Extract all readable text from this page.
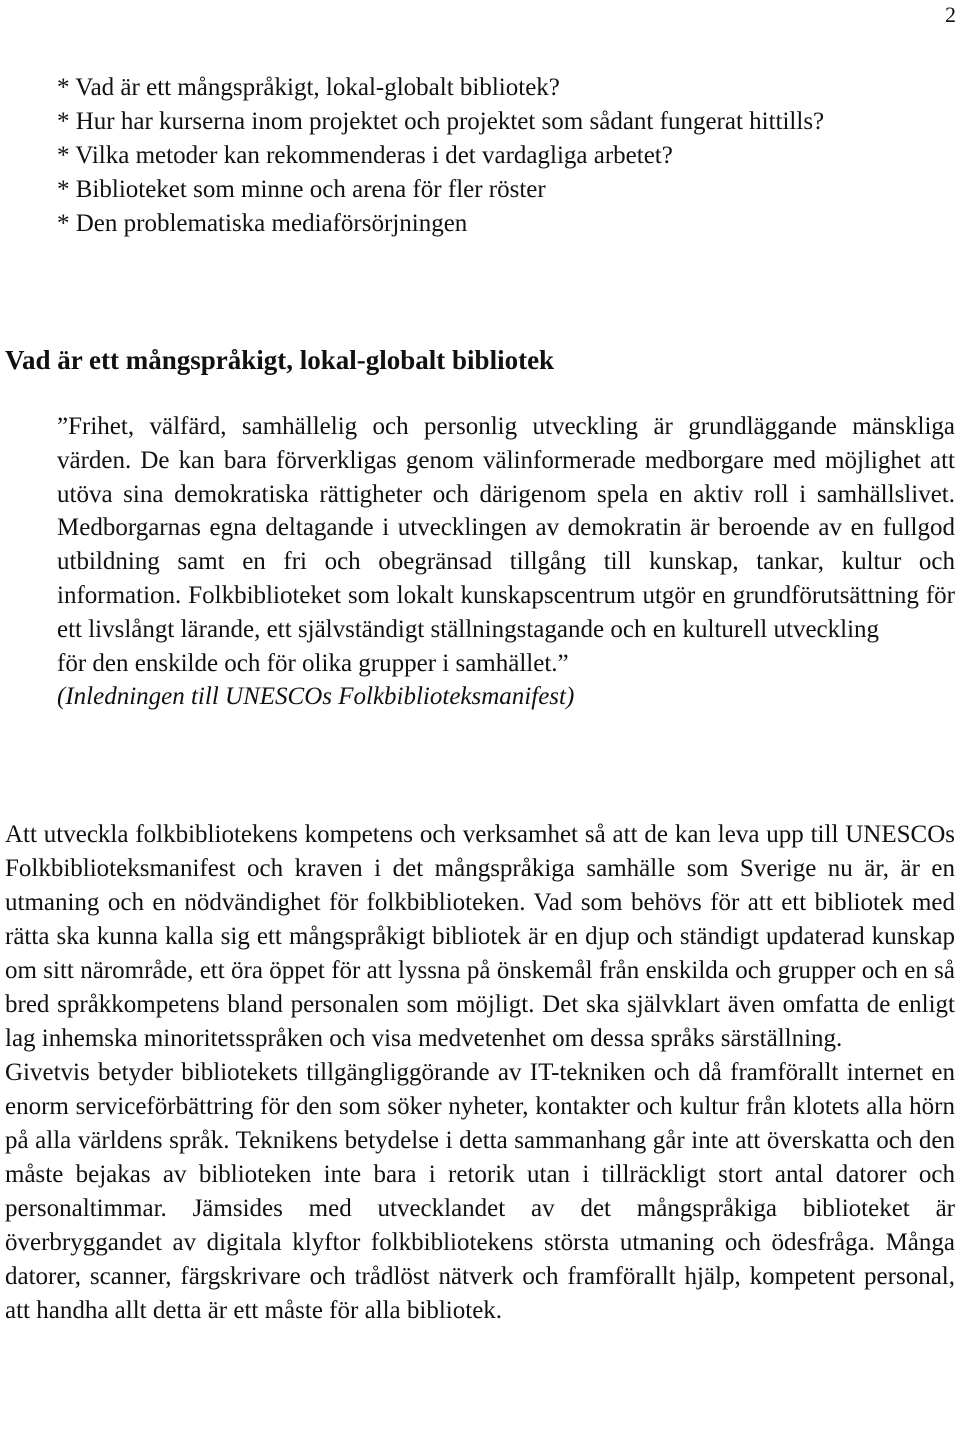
2

* Vad är ett mångspråkigt, lokal-globalt bibliotek?

* Hur har kurserna inom projektet och projektet som sådant fungerat hittills?

* Vilka metoder kan rekommenderas i det vardagliga arbetet?

* Biblioteket som minne och arena för fler röster

* Den problematiska mediaförsörjningen

Vad är ett mångspråkigt, lokal-globalt bibliotek

”Frihet, välfärd, samhällelig och personlig utveckling är grundläggande mänskliga värden. De kan bara förverkligas genom välinformerade medborgare med möjlighet att utöva sina demokratiska rättigheter och därigenom spela en aktiv roll i samhällslivet. Medborgarnas egna deltagande i utvecklingen av demokratin är beroende av en fullgod utbildning samt en fri och obegränsad tillgång till kunskap, tankar, kultur och information. Folkbiblioteket som lokalt kunskapscentrum utgör en grundförutsättning för ett livslångt lärande, ett självständigt ställningstagande och en kulturell utveckling

för den enskilde och för olika grupper i samhället.”

(Inledningen till UNESCOs Folkbiblioteksmanifest)

Att utveckla folkbibliotekens kompetens och verksamhet så att de kan leva upp till UNESCOs Folkbiblioteksmanifest och kraven i det mångspråkiga samhälle som Sverige nu är, är en utmaning och en nödvändighet för folkbiblioteken. Vad som behövs för att ett bibliotek med rätta ska kunna kalla sig ett mångspråkigt bibliotek är en djup och ständigt updaterad kunskap om sitt närområde, ett öra öppet för att lyssna på önskemål från enskilda och grupper och en så bred språkkompetens bland personalen som möjligt. Det ska självklart även omfatta de enligt lag inhemska minoritetsspråken och visa medvetenhet om dessa språks särställning.

Givetvis betyder bibliotekets tillgängliggörande av IT-tekniken och då framförallt internet en enorm serviceförbättring för den som söker nyheter, kontakter och kultur från klotets alla hörn på alla världens språk. Teknikens betydelse i detta sammanhang går inte att överskatta och den måste bejakas av biblioteken inte bara i retorik utan i tillräckligt stort antal datorer och personaltimmar. Jämsides med utvecklandet av det mångspråkiga biblioteket är överbryggandet av digitala klyftor folkbibliotekens största utmaning och ödesfråga. Många datorer, scanner, färgskrivare och trådlöst nätverk och framförallt hjälp, kompetent personal, att handha allt detta är ett måste för alla bibliotek.
